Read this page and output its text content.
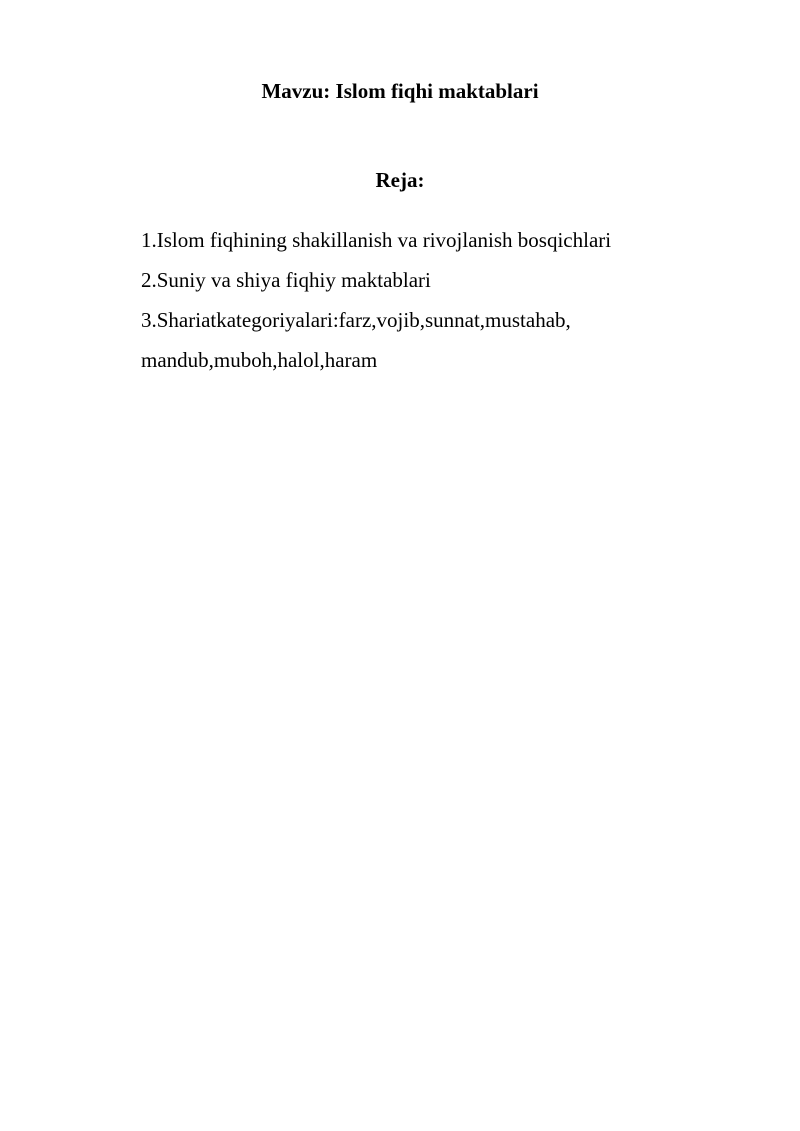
Mavzu: Islom fiqhi maktablari
Reja:
1.Islom fiqhining shakillanish va rivojlanish bosqichlari
2.Suniy va shiya fiqhiy maktablari
3.Shariatkategoriyalari:farz,vojib,sunnat,mustahab,
mandub,muboh,halol,haram
